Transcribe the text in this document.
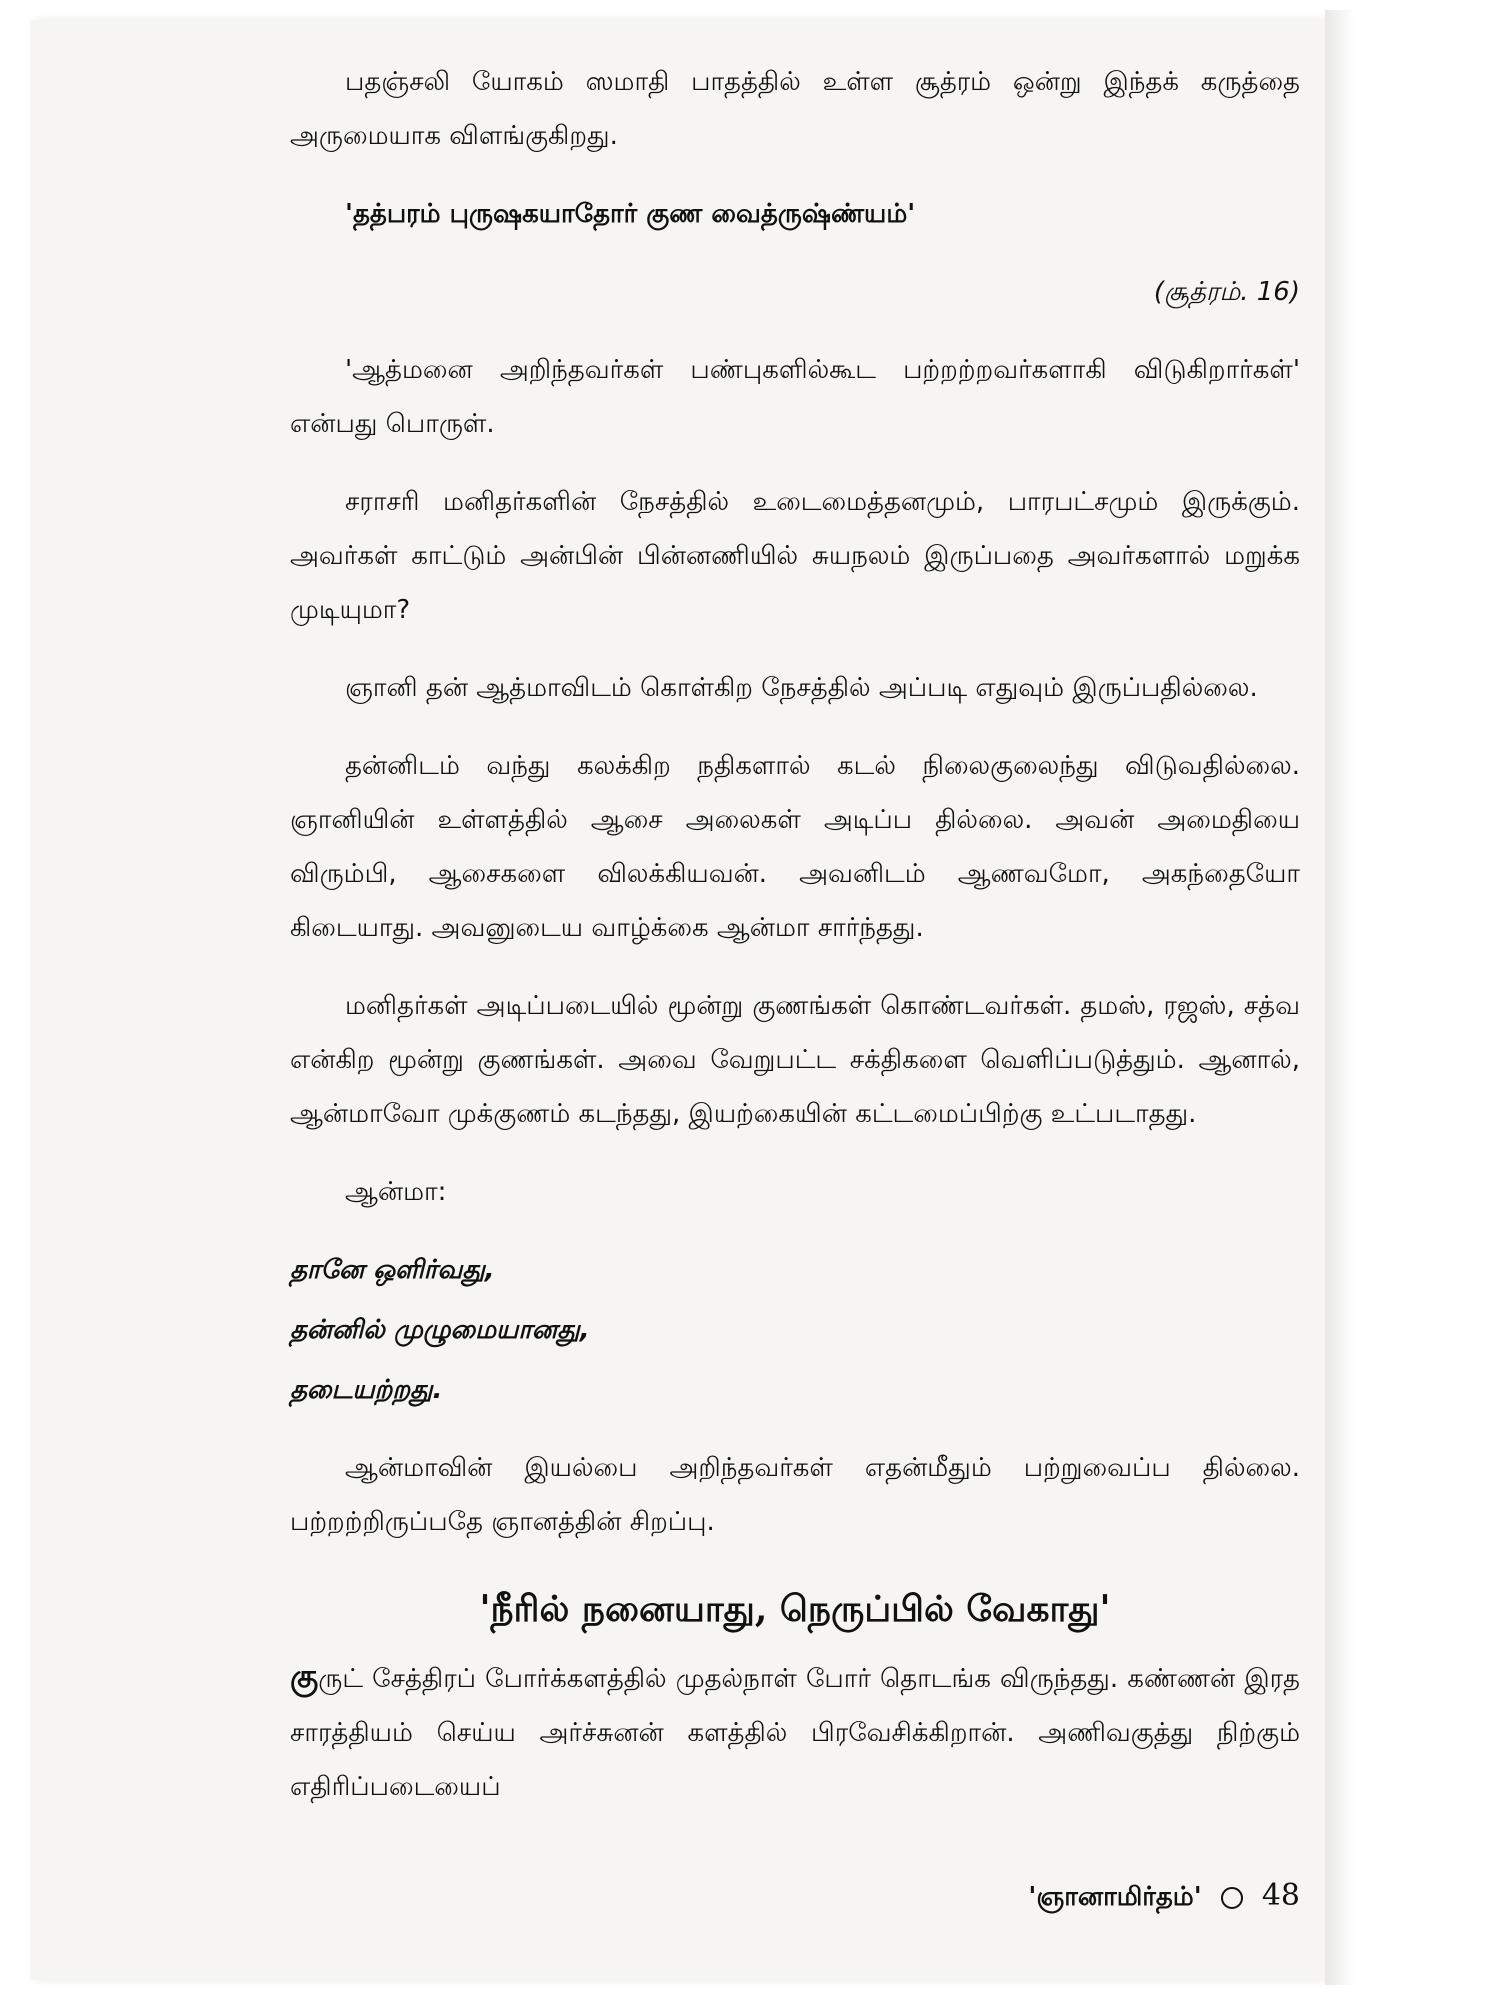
பதஞ்சலி யோகம் ஸமாதி பாதத்தில் உள்ள சூத்ரம் ஒன்று இந்தக் கருத்தை அருமையாக விளங்குகிறது.

'தத்பரம் புருஷகயாதோர் குண வைத்ருஷ்ண்யம்'

(சூத்ரம். 16)

'ஆத்மனை அறிந்தவர்கள் பண்புகளில்கூட பற்றற்றவர்களாகி விடுகிறார்கள்' என்பது பொருள்.

சராசரி மனிதர்களின் நேசத்தில் உடைமைத்தனமும், பாரபட்சமும் இருக்கும். அவர்கள் காட்டும் அன்பின் பின்னணியில் சுயநலம் இருப்பதை அவர்களால் மறுக்க முடியுமா?

ஞானி தன் ஆத்மாவிடம் கொள்கிற நேசத்தில் அப்படி எதுவும் இருப்பதில்லை.

தன்னிடம் வந்து கலக்கிற நதிகளால் கடல் நிலைகுலைந்து விடுவதில்லை. ஞானியின் உள்ளத்தில் ஆசை அலைகள் அடிப்ப தில்லை. அவன் அமைதியை விரும்பி, ஆசைகளை விலக்கியவன். அவனிடம் ஆணவமோ, அகந்தையோ கிடையாது. அவனுடைய வாழ்க்கை ஆன்மா சார்ந்தது.

மனிதர்கள் அடிப்படையில் மூன்று குணங்கள் கொண்டவர்கள். தமஸ், ரஜஸ், சத்வ என்கிற மூன்று குணங்கள். அவை வேறுபட்ட சக்திகளை வெளிப்படுத்தும். ஆனால், ஆன்மாவோ முக்குணம் கடந்தது, இயற்கையின் கட்டமைப்பிற்கு உட்படாதது.

ஆன்மா:

தானே ஒளிர்வது,

தன்னில் முழுமையானது,

தடையற்றது.

ஆன்மாவின் இயல்பை அறிந்தவர்கள் எதன்மீதும் பற்றுவைப்ப தில்லை. பற்றற்றிருப்பதே ஞானத்தின் சிறப்பு.

'நீரில் நனையாது, நெருப்பில் வேகாது'

குருட் சேத்திரப் போர்க்களத்தில் முதல்நாள் போர் தொடங்க விருந்தது. கண்ணன் இரத சாரத்தியம் செய்ய அர்ச்சுனன் களத்தில் பிரவேசிக்கிறான். அணிவகுத்து நிற்கும் எதிரிப்படையைப்

'ஞானாமிர்தம்' 48
